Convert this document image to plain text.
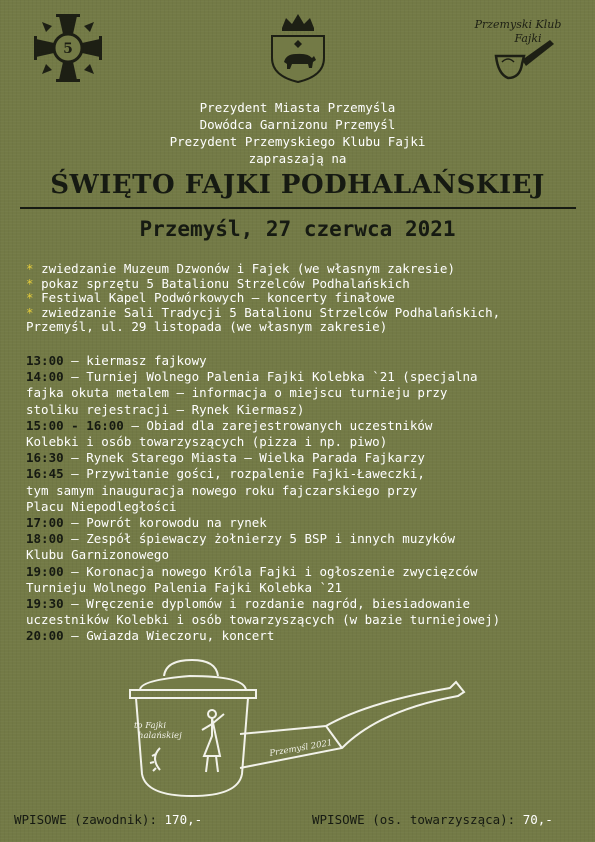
5
Przemyski Klub
Fajki
Prezydent Miasta Przemyśla
Dowódca Garnizonu Przemyśl
Prezydent Przemyskiego Klubu Fajki
zapraszają na
ŚWIĘTO FAJKI PODHALAŃSKIEJ
Przemyśl, 27 czerwca 2021
* zwiedzanie Muzeum Dzwonów i Fajek (we własnym zakresie)
* pokaz sprzętu 5 Batalionu Strzelców Podhalańskich
* Festiwal Kapel Podwórkowych – koncerty finałowe
* zwiedzanie Sali Tradycji 5 Batalionu Strzelców Podhalańskich,
Przemyśl, ul. 29 listopada (we własnym zakresie)
13:00 – kiermasz fajkowy
14:00 – Turniej Wolnego Palenia Fajki Kolebka `21 (specjalna
fajka okuta metalem – informacja o miejscu turnieju przy
stoliku rejestracji – Rynek Kiermasz)
15:00 - 16:00 – Obiad dla zarejestrowanych uczestników
Kolebki i osób towarzyszących (pizza i np. piwo)
16:30 – Rynek Starego Miasta – Wielka Parada Fajkarzy
16:45 – Przywitanie gości, rozpalenie Fajki-Ławeczki,
tym samym inauguracja nowego roku fajczarskiego przy
Placu Niepodległości
17:00 – Powrót korowodu na rynek
18:00 – Zespół śpiewaczy żołnierzy 5 BSP i innych muzyków
Klubu Garnizonowego
19:00 – Koronacja nowego Króla Fajki i ogłoszenie zwycięzców
Turnieju Wolnego Palenia Fajki Kolebka `21
19:30 – Wręczenie dyplomów i rozdanie nagród, biesiadowanie
uczestników Kolebki i osób towarzyszących (w bazie turniejowej)
20:00 – Gwiazda Wieczoru, koncert
to Fajki
halańskiej
Przemyśl 2021
WPISOWE (zawodnik): 170,-	WPISOWE (os. towarzysząca): 70,-
